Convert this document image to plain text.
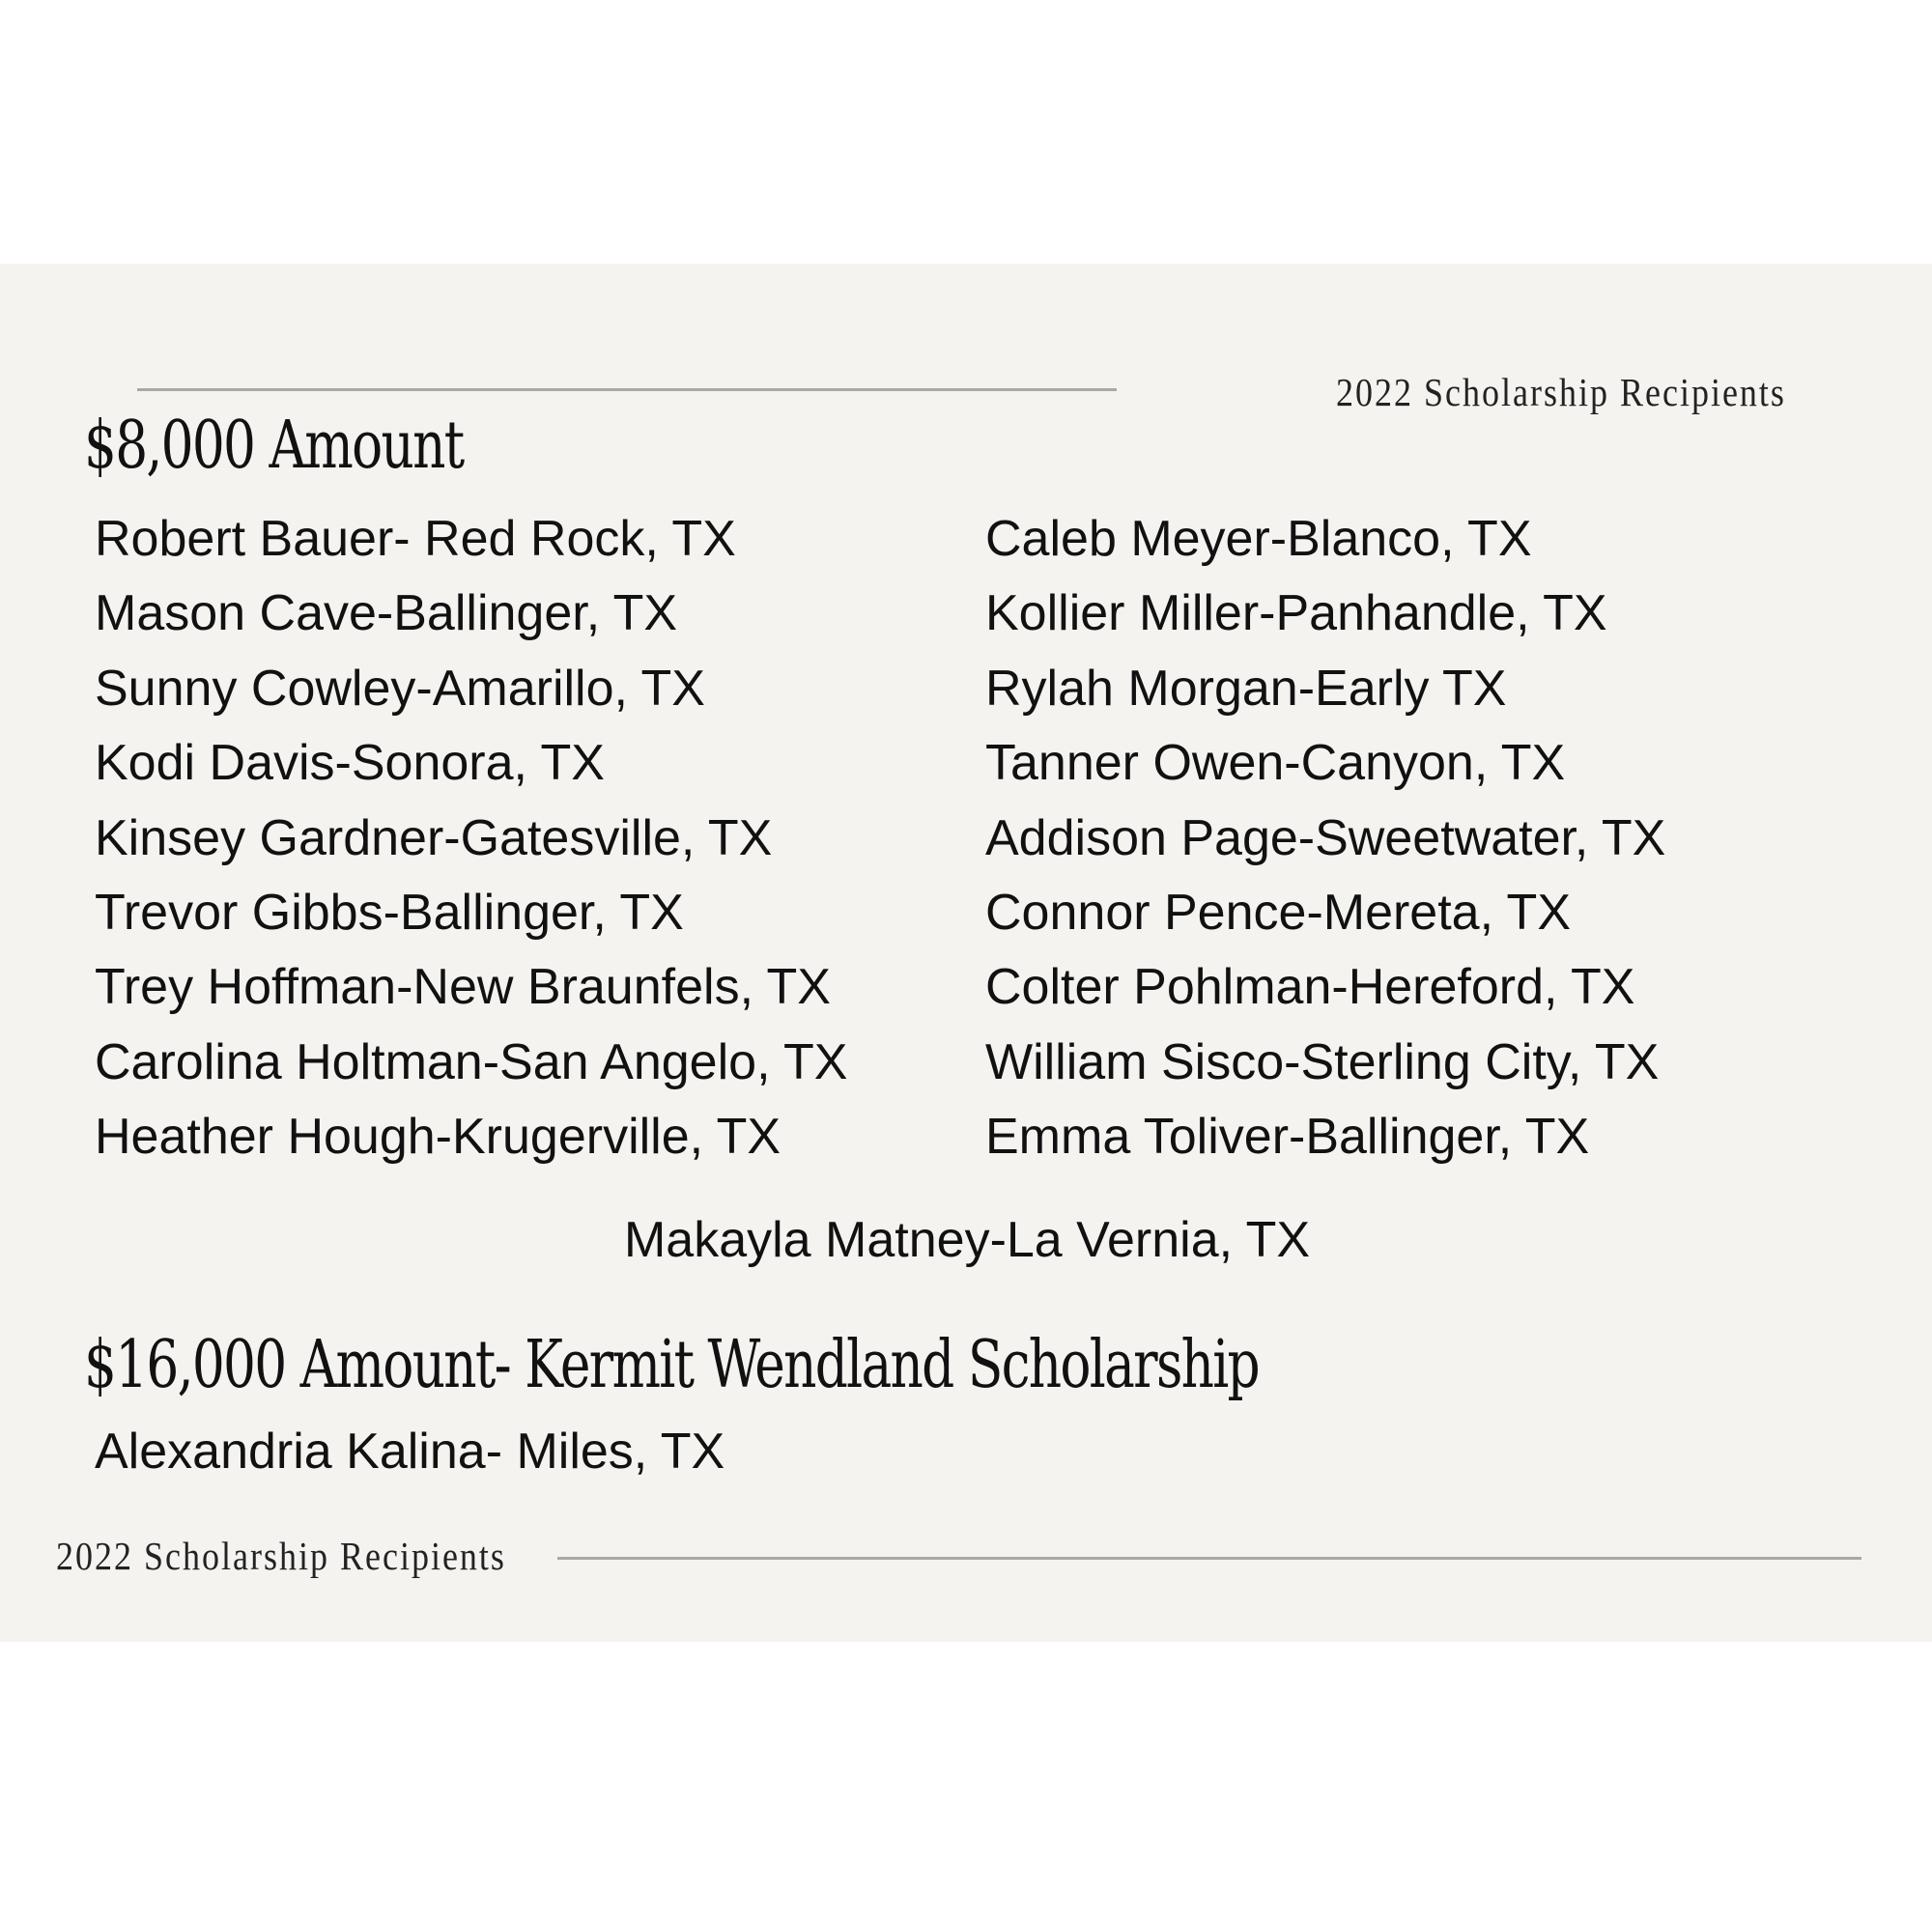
2022 Scholarship Recipients
$8,000 Amount
Robert Bauer- Red Rock, TX
Mason Cave-Ballinger, TX
Sunny Cowley-Amarillo, TX
Kodi Davis-Sonora, TX
Kinsey Gardner-Gatesville, TX
Trevor Gibbs-Ballinger, TX
Trey Hoffman-New Braunfels, TX
Carolina Holtman-San Angelo, TX
Heather Hough-Krugerville, TX
Caleb Meyer-Blanco, TX
Kollier Miller-Panhandle, TX
Rylah Morgan-Early TX
Tanner Owen-Canyon, TX
Addison Page-Sweetwater, TX
Connor Pence-Mereta, TX
Colter Pohlman-Hereford, TX
William Sisco-Sterling City, TX
Emma Toliver-Ballinger, TX
Makayla Matney-La Vernia, TX
$16,000 Amount- Kermit Wendland Scholarship
Alexandria Kalina- Miles, TX
2022 Scholarship Recipients
